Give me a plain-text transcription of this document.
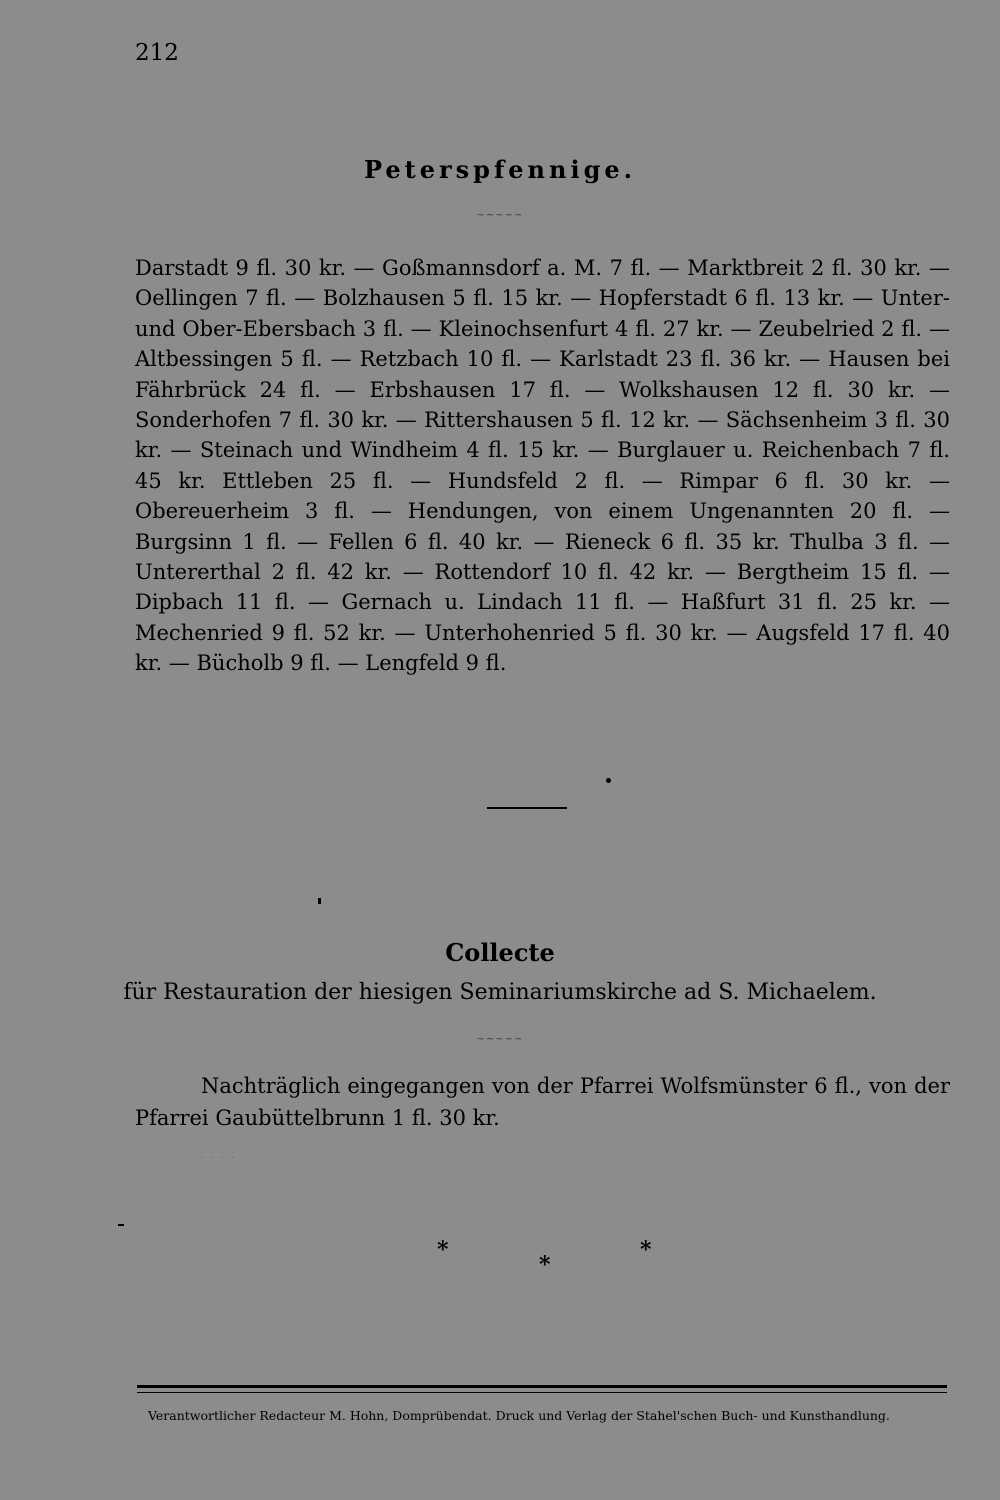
212
Peterspfennige.
~~~~~
Darstadt 9 fl. 30 kr. — Goßmannsdorf a. M. 7 fl. — Marktbreit 2 fl. 30 kr. — Oellingen 7 fl. — Bolzhausen 5 fl. 15 kr. — Hopferstadt 6 fl. 13 kr. — Unter- und Ober-Ebersbach 3 fl. — Kleinochsenfurt 4 fl. 27 kr. — Zeubelried 2 fl. — Altbessingen 5 fl. — Retzbach 10 fl. — Karlstadt 23 fl. 36 kr. — Hausen bei Fährbrück 24 fl. — Erbshausen 17 fl. — Wolkshausen 12 fl. 30 kr. — Sonderhofen 7 fl. 30 kr. — Rittershausen 5 fl. 12 kr. — Sächsenheim 3 fl. 30 kr. — Steinach und Windheim 4 fl. 15 kr. — Burglauer u. Reichenbach 7 fl. 45 kr. Ettleben 25 fl. — Hundsfeld 2 fl. — Rimpar 6 fl. 30 kr. — Obereuerheim 3 fl. — Hendungen, von einem Ungenannten 20 fl. — Burgsinn 1 fl. — Fellen 6 fl. 40 kr. — Rieneck 6 fl. 35 kr. Thulba 3 fl. — Untererthal 2 fl. 42 kr. — Rottendorf 10 fl. 42 kr. — Bergtheim 15 fl. — Dipbach 11 fl. — Gernach u. Lindach 11 fl. — Haßfurt 31 fl. 25 kr. — Mechenried 9 fl. 52 kr. — Unterhohenried 5 fl. 30 kr. — Augsfeld 17 fl. 40 kr. — Bücholb 9 fl. — Lengfeld 9 fl.
Collecte
für Restauration der hiesigen Seminariumskirche ad S. Michaelem.
~~~~~
Nachträglich eingegangen von der Pfarrei Wolfsmünster 6 fl., von der Pfarrei Gaubüttelbrunn 1 fl. 30 kr.
. . . .
*
*
*
Verantwortlicher Redacteur M. Hohn, Domprübendat. Druck und Verlag der Stahel'schen Buch- und Kunsthandlung.
